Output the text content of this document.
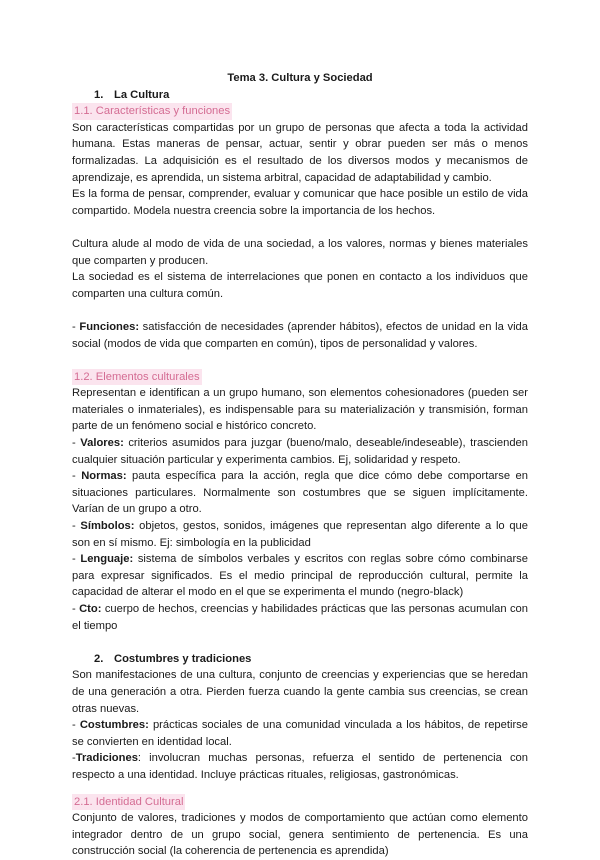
Tema 3. Cultura y Sociedad
1. La Cultura
1.1. Características y funciones

Son características compartidas por un grupo de personas que afecta a toda la actividad humana. Estas maneras de pensar, actuar, sentir y obrar pueden ser más o menos formalizadas. La adquisición es el resultado de los diversos modos y mecanismos de aprendizaje, es aprendida, un sistema arbitral, capacidad de adaptabilidad y cambio.

Es la forma de pensar, comprender, evaluar y comunicar que hace posible un estilo de vida compartido. Modela nuestra creencia sobre la importancia de los hechos.

Cultura alude al modo de vida de una sociedad, a los valores, normas y bienes materiales que comparten y producen.

La sociedad es el sistema de interrelaciones que ponen en contacto a los individuos que comparten una cultura común.

- Funciones: satisfacción de necesidades (aprender hábitos), efectos de unidad en la vida social (modos de vida que comparten en común), tipos de personalidad y valores.

1.2. Elementos culturales

Representan e identifican a un grupo humano, son elementos cohesionadores (pueden ser materiales o inmateriales), es indispensable para su materialización y transmisión, forman parte de un fenómeno social e histórico concreto.

- Valores: criterios asumidos para juzgar (bueno/malo, deseable/indeseable), trascienden cualquier situación particular y experimenta cambios. Ej, solidaridad y respeto.

- Normas: pauta específica para la acción, regla que dice cómo debe comportarse en situaciones particulares. Normalmente son costumbres que se siguen implícitamente. Varían de un grupo a otro.

- Símbolos: objetos, gestos, sonidos, imágenes que representan algo diferente a lo que son en sí mismo. Ej: simbología en la publicidad

- Lenguaje: sistema de símbolos verbales y escritos con reglas sobre cómo combinarse para expresar significados. Es el medio principal de reproducción cultural, permite la capacidad de alterar el modo en el que se experimenta el mundo (negro-black)

- Cto: cuerpo de hechos, creencias y habilidades prácticas que las personas acumulan con el tiempo

2. Costumbres y tradiciones

Son manifestaciones de una cultura, conjunto de creencias y experiencias que se heredan de una generación a otra. Pierden fuerza cuando la gente cambia sus creencias, se crean otras nuevas.

- Costumbres: prácticas sociales de una comunidad vinculada a los hábitos, de repetirse se convierten en identidad local.

-Tradiciones: involucran muchas personas, refuerza el sentido de pertenencia con respecto a una identidad. Incluye prácticas rituales, religiosas, gastronómicas.

2.1. Identidad Cultural

Conjunto de valores, tradiciones y modos de comportamiento que actúan como elemento integrador dentro de un grupo social, genera sentimiento de pertenencia. Es una construcción social (la coherencia de pertenencia es aprendida)
